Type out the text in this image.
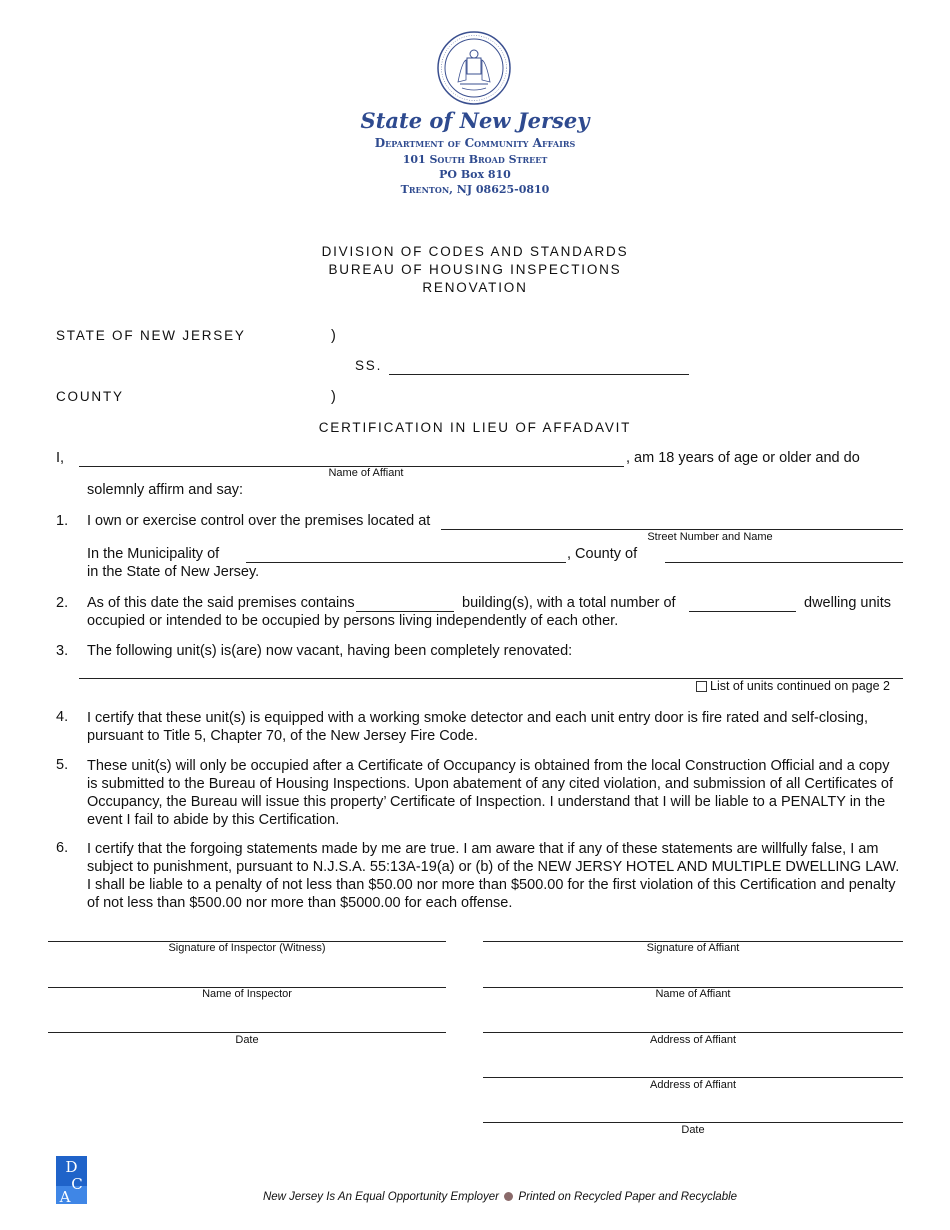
State of New Jersey
Department of Community Affairs
101 South Broad Street
PO Box 810
Trenton, NJ 08625-0810
DIVISION OF CODES AND STANDARDS
BUREAU OF HOUSING INSPECTIONS
RENOVATION
STATE OF NEW JERSEY	)
SS.
COUNTY	)
CERTIFICATION IN LIEU OF AFFADAVIT
I,	, am 18 years of age or older and do
Name of Affiant
solemnly affirm and say:
1. I own or exercise control over the premises located at
Street Number and Name
In the Municipality of	, County of
in the State of New Jersey.
2. As of this date the said premises contains	building(s), with a total number of	dwelling units
occupied or intended to be occupied by persons living independently of each other.
3. The following unit(s) is(are) now vacant, having been completely renovated:
List of units continued on page 2
4. I certify that these unit(s) is equipped with a working smoke detector and each unit entry door is fire rated and self-closing, pursuant to Title 5, Chapter 70, of the New Jersey Fire Code.
5. These unit(s) will only be occupied after a Certificate of Occupancy is obtained from the local Construction Official and a copy is submitted to the Bureau of Housing Inspections. Upon abatement of any cited violation, and submission of all Certificates of Occupancy, the Bureau will issue this property’ Certificate of Inspection. I understand that I will be liable to a PENALTY in the event I fail to abide by this Certification.
6. I certify that the forgoing statements made by me are true. I am aware that if any of these statements are willfully false, I am subject to punishment, pursuant to N.J.S.A. 55:13A-19(a) or (b) of the NEW JERSY HOTEL AND MULTIPLE DWELLING LAW. I shall be liable to a penalty of not less than $50.00 nor more than $500.00 for the first violation of this Certification and penalty of not less than $500.00 nor more than $5000.00 for each offense.
Signature of Inspector (Witness)
Name of Inspector
Date
Signature of Affiant
Name of Affiant
Address of Affiant
Address of Affiant
Date
D
C
A	New Jersey Is An Equal Opportunity Employer Printed on Recycled Paper and Recyclable
